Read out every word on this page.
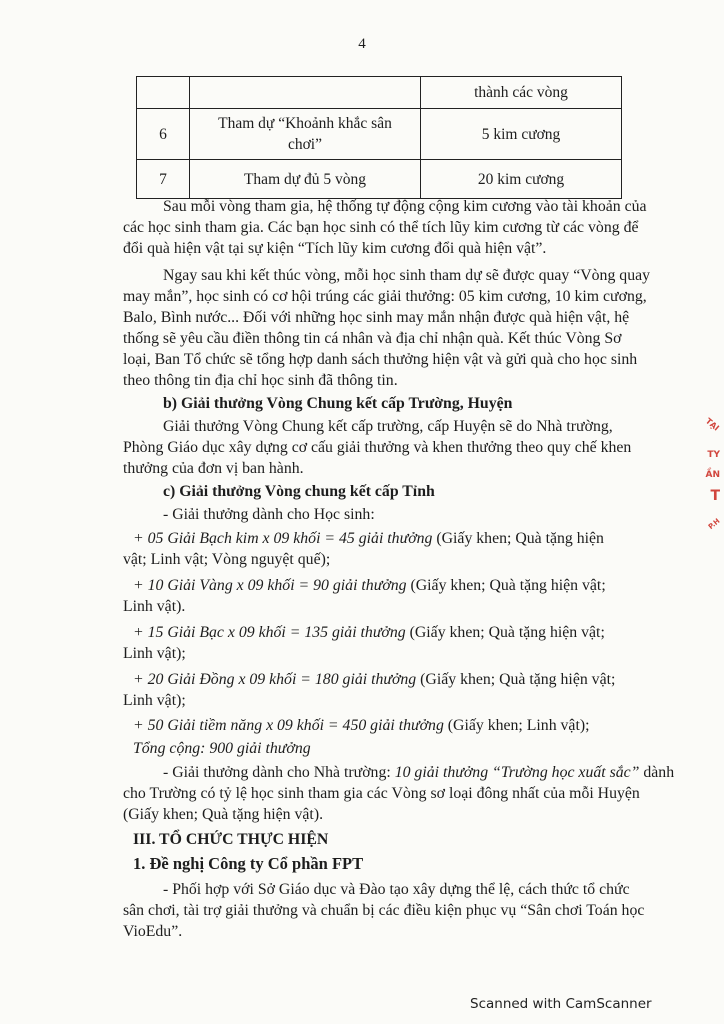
4
		thành các vòng
6	Tham dự “Khoảnh khắc sân
chơi”	5 kim cương
7	Tham dự đủ 5 vòng	20 kim cương
Sau mỗi vòng tham gia, hệ thống tự động cộng kim cương vào tài khoản của
các học sinh tham gia. Các bạn học sinh có thể tích lũy kim cương từ các vòng để
đổi quà hiện vật tại sự kiện “Tích lũy kim cương đổi quà hiện vật”.
Ngay sau khi kết thúc vòng, mỗi học sinh tham dự sẽ được quay “Vòng quay
may mắn”, học sinh có cơ hội trúng các giải thưởng: 05 kim cương, 10 kim cương,
Balo, Bình nước... Đối với những học sinh may mắn nhận được quà hiện vật, hệ
thống sẽ yêu cầu điền thông tin cá nhân và địa chỉ nhận quà. Kết thúc Vòng Sơ
loại, Ban Tổ chức sẽ tổng hợp danh sách thưởng hiện vật và gửi quà cho học sinh
theo thông tin địa chỉ học sinh đã thông tin.
b) Giải thưởng Vòng Chung kết cấp Trường, Huyện
Giải thưởng Vòng Chung kết cấp trường, cấp Huyện sẽ do Nhà trường,
Phòng Giáo dục xây dựng cơ cấu giải thưởng và khen thưởng theo quy chế khen
thưởng của đơn vị ban hành.
c) Giải thưởng Vòng chung kết cấp Tỉnh
- Giải thưởng dành cho Học sinh:
+ 05 Giải Bạch kim x 09 khối = 45 giải thưởng (Giấy khen; Quà tặng hiện
vật; Linh vật; Vòng nguyệt quế);
+ 10 Giải Vàng x 09 khối = 90 giải thưởng (Giấy khen; Quà tặng hiện vật;
Linh vật).
+ 15 Giải Bạc x 09 khối = 135 giải thưởng (Giấy khen; Quà tặng hiện vật;
Linh vật);
+ 20 Giải Đồng x 09 khối = 180 giải thưởng (Giấy khen; Quà tặng hiện vật;
Linh vật);
+ 50 Giải tiềm năng x 09 khối = 450 giải thưởng (Giấy khen; Linh vật);
Tổng cộng: 900 giải thưởng
- Giải thưởng dành cho Nhà trường: 10 giải thưởng “Trường học xuất sắc” dành
cho Trường có tỷ lệ học sinh tham gia các Vòng sơ loại đông nhất của mỗi Huyện
(Giấy khen; Quà tặng hiện vật).
III. TỔ CHỨC THỰC HIỆN
1. Đề nghị Công ty Cổ phần FPT
- Phối hợp với Sở Giáo dục và Đào tạo xây dựng thể lệ, cách thức tổ chức
sân chơi, tài trợ giải thưởng và chuẩn bị các điều kiện phục vụ “Sân chơi Toán học
VioEdu”.
TẠI
TY
ẦN
T
P.H
Scanned with CamScanner
